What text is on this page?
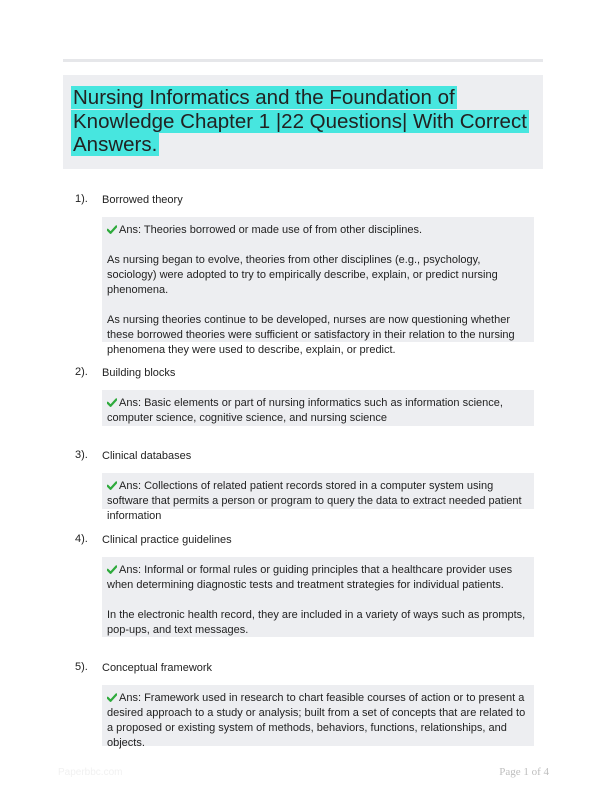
Nursing Informatics and the Foundation of Knowledge Chapter 1 |22 Questions| With Correct Answers.
1). Borrowed theory

Ans: Theories borrowed or made use of from other disciplines.

As nursing began to evolve, theories from other disciplines (e.g., psychology, sociology) were adopted to try to empirically describe, explain, or predict nursing phenomena.

As nursing theories continue to be developed, nurses are now questioning whether these borrowed theories were sufficient or satisfactory in their relation to the nursing phenomena they were used to describe, explain, or predict.

2). Building blocks

Ans: Basic elements or part of nursing informatics such as information science, computer science, cognitive science, and nursing science

3). Clinical databases

Ans: Collections of related patient records stored in a computer system using software that permits a person or program to query the data to extract needed patient information

4). Clinical practice guidelines

Ans: Informal or formal rules or guiding principles that a healthcare provider uses when determining diagnostic tests and treatment strategies for individual patients.

In the electronic health record, they are included in a variety of ways such as prompts, pop-ups, and text messages.

5). Conceptual framework

Ans: Framework used in research to chart feasible courses of action or to present a desired approach to a study or analysis; built from a set of concepts that are related to a proposed or existing system of methods, behaviors, functions, relationships, and objects.

Paperbbc.com	Page 1 of 4
